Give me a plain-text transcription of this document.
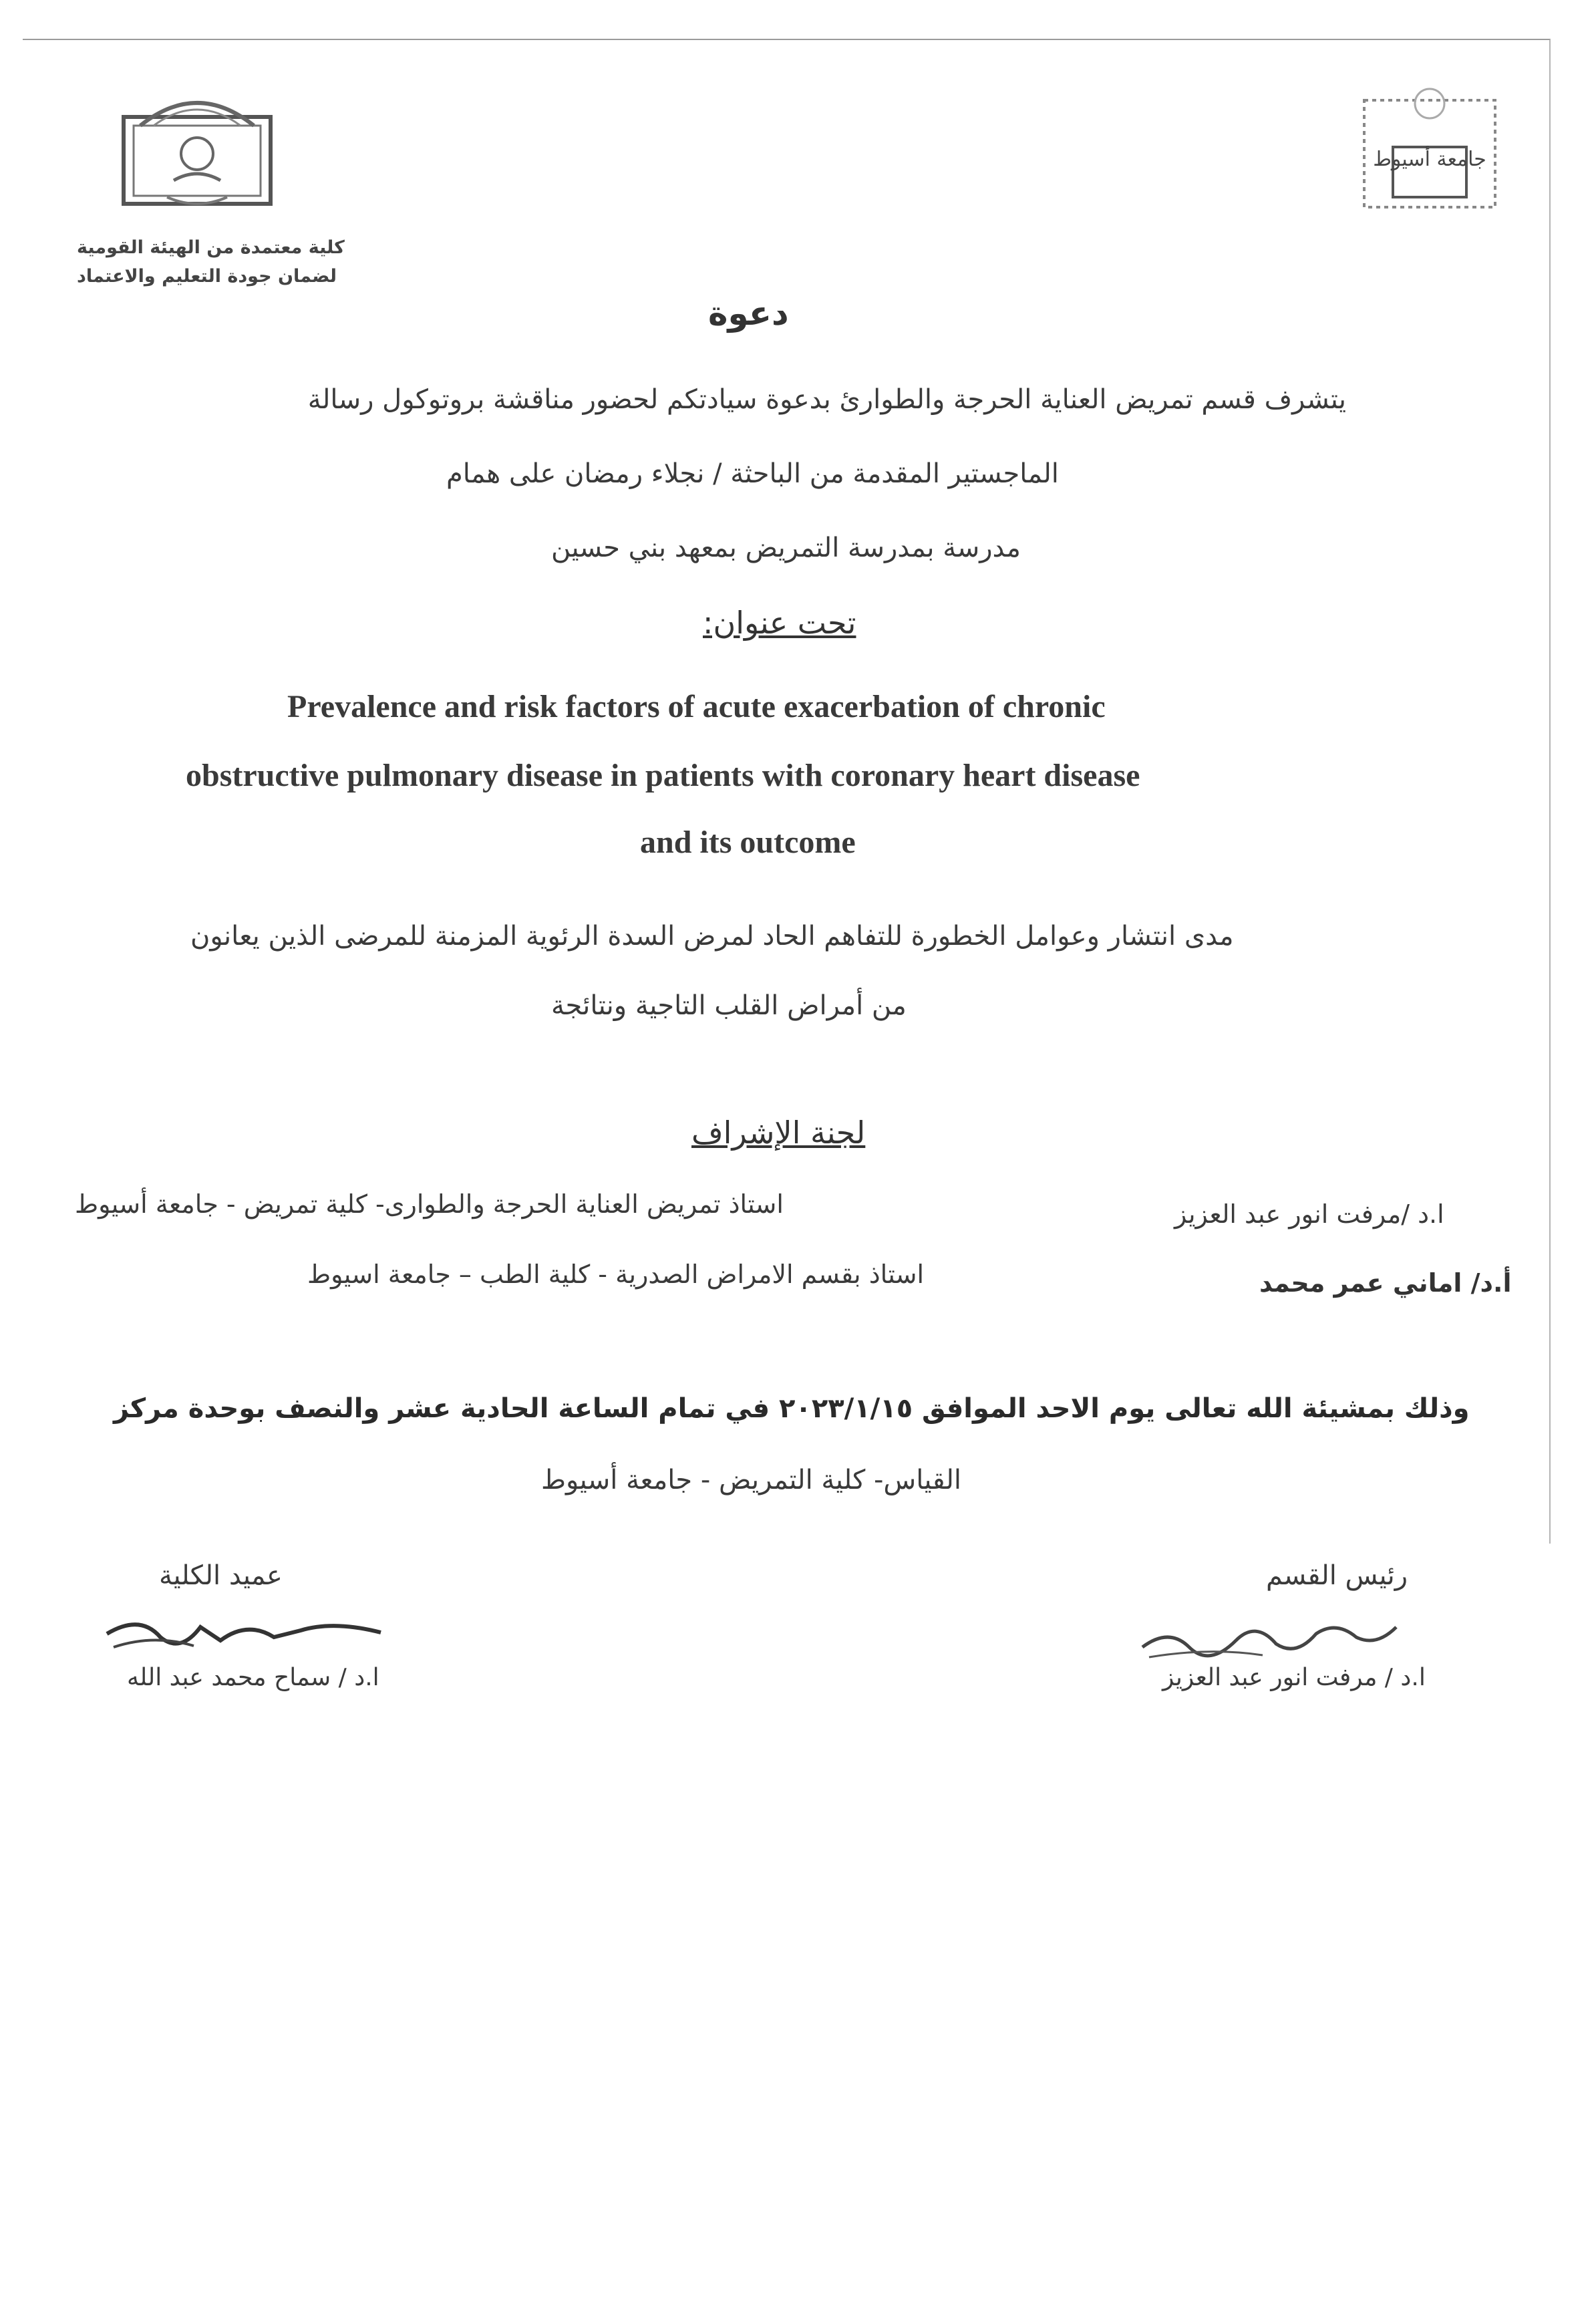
كلية معتمدة من الهيئة القومية
لضمان جودة التعليم والاعتماد
جامعة أسيوط
دعوة
يتشرف قسم تمريض العناية الحرجة والطوارئ بدعوة سيادتكم لحضور مناقشة بروتوكول رسالة
الماجستير المقدمة من الباحثة / نجلاء رمضان على همام
مدرسة بمدرسة التمريض بمعهد بني حسين
تحت عنوان:
Prevalence and risk factors of acute exacerbation of chronic
obstructive pulmonary disease in patients with coronary heart disease
and its outcome
مدى انتشار وعوامل الخطورة للتفاهم الحاد لمرض السدة الرئوية المزمنة للمرضى الذين يعانون
من أمراض القلب التاجية ونتائجة
لجنة الإشراف
ا.د /مرفت انور عبد العزيز
استاذ تمريض العناية الحرجة والطوارى- كلية تمريض - جامعة أسيوط
أ.د/ اماني عمر محمد
استاذ بقسم الامراض الصدرية - كلية الطب – جامعة اسيوط
وذلك بمشيئة الله تعالى يوم الاحد الموافق ٢٠٢٣/١/١٥ في تمام الساعة الحادية عشر والنصف بوحدة مركز
القياس- كلية التمريض - جامعة أسيوط
رئيس القسم
ا.د / مرفت انور عبد العزيز
عميد الكلية
ا.د / سماح محمد عبد الله
